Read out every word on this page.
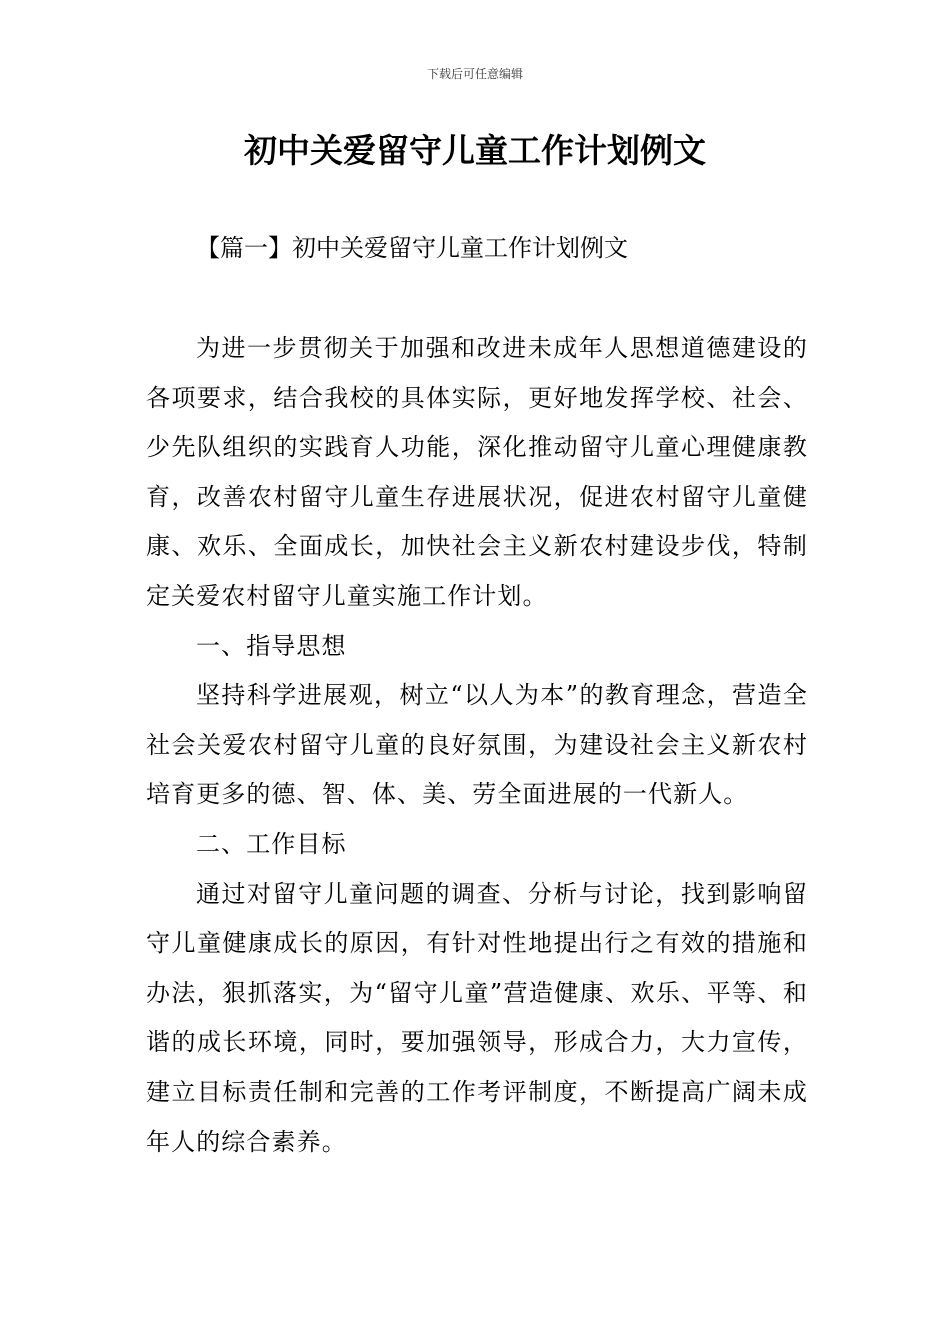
下载后可任意编辑
初中关爱留守儿童工作计划例文
【篇一】初中关爱留守儿童工作计划例文

为进一步贯彻关于加强和改进未成年人思想道德建设的各项要求，结合我校的具体实际，更好地发挥学校、社会、少先队组织的实践育人功能，深化推动留守儿童心理健康教育，改善农村留守儿童生存进展状况，促进农村留守儿童健康、欢乐、全面成长，加快社会主义新农村建设步伐，特制定关爱农村留守儿童实施工作计划。

一、指导思想

坚持科学进展观，树立“以人为本”的教育理念，营造全社会关爱农村留守儿童的良好氛围，为建设社会主义新农村培育更多的德、智、体、美、劳全面进展的一代新人。

二、工作目标

通过对留守儿童问题的调查、分析与讨论，找到影响留守儿童健康成长的原因，有针对性地提出行之有效的措施和办法，狠抓落实，为“留守儿童”营造健康、欢乐、平等、和谐的成长环境，同时，要加强领导，形成合力，大力宣传，建立目标责任制和完善的工作考评制度，不断提高广阔未成年人的综合素养。
